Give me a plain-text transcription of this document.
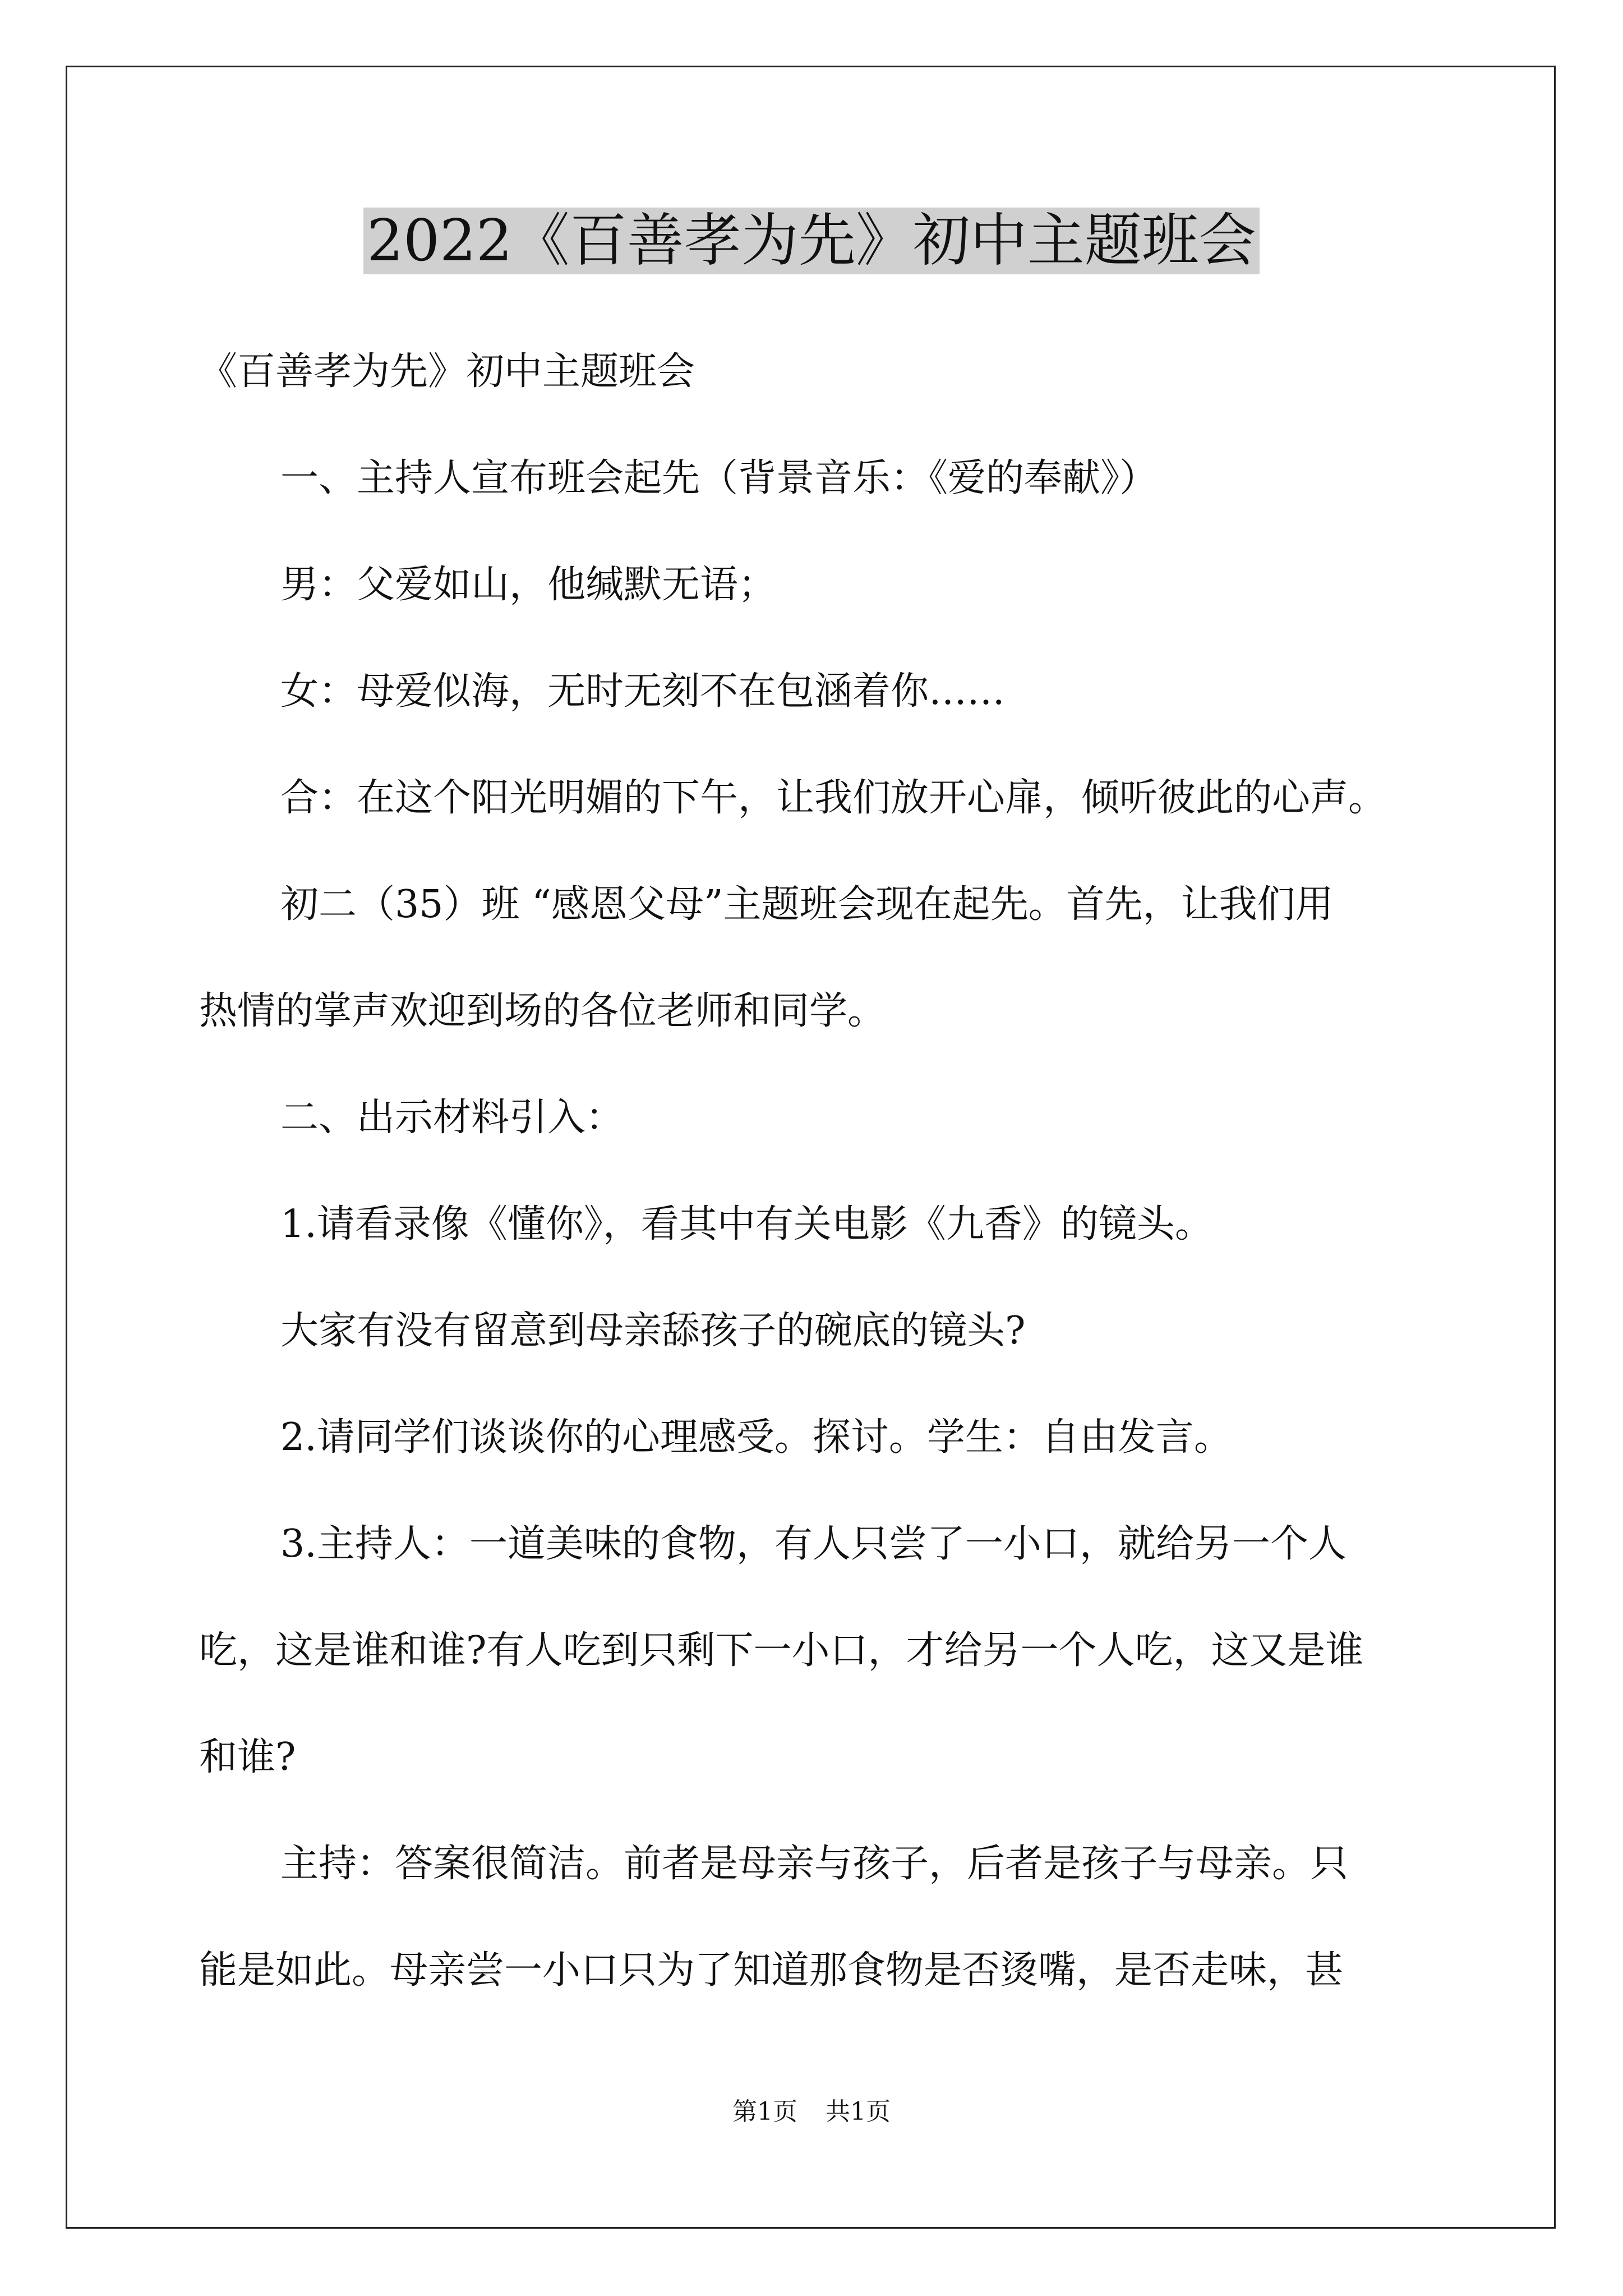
2022《百善孝为先》初中主题班会
《百善孝为先》初中主题班会
一、主持人宣布班会起先（背景音乐：《爱的奉献》）
男：父爱如山，他缄默无语；
女：母爱似海，无时无刻不在包涵着你……
合：在这个阳光明媚的下午，让我们放开心扉，倾听彼此的心声。
初二（35）班 “感恩父母”主题班会现在起先。首先，让我们用
热情的掌声欢迎到场的各位老师和同学。
二、出示材料引入：
1.请看录像《懂你》，看其中有关电影《九香》的镜头。
大家有没有留意到母亲舔孩子的碗底的镜头?
2.请同学们谈谈你的心理感受。探讨。学生：自由发言。
3.主持人：一道美味的食物，有人只尝了一小口，就给另一个人
吃，这是谁和谁?有人吃到只剩下一小口，才给另一个人吃，这又是谁
和谁?
主持：答案很简洁。前者是母亲与孩子，后者是孩子与母亲。只
能是如此。母亲尝一小口只为了知道那食物是否烫嘴，是否走味，甚
第1页 共1页
